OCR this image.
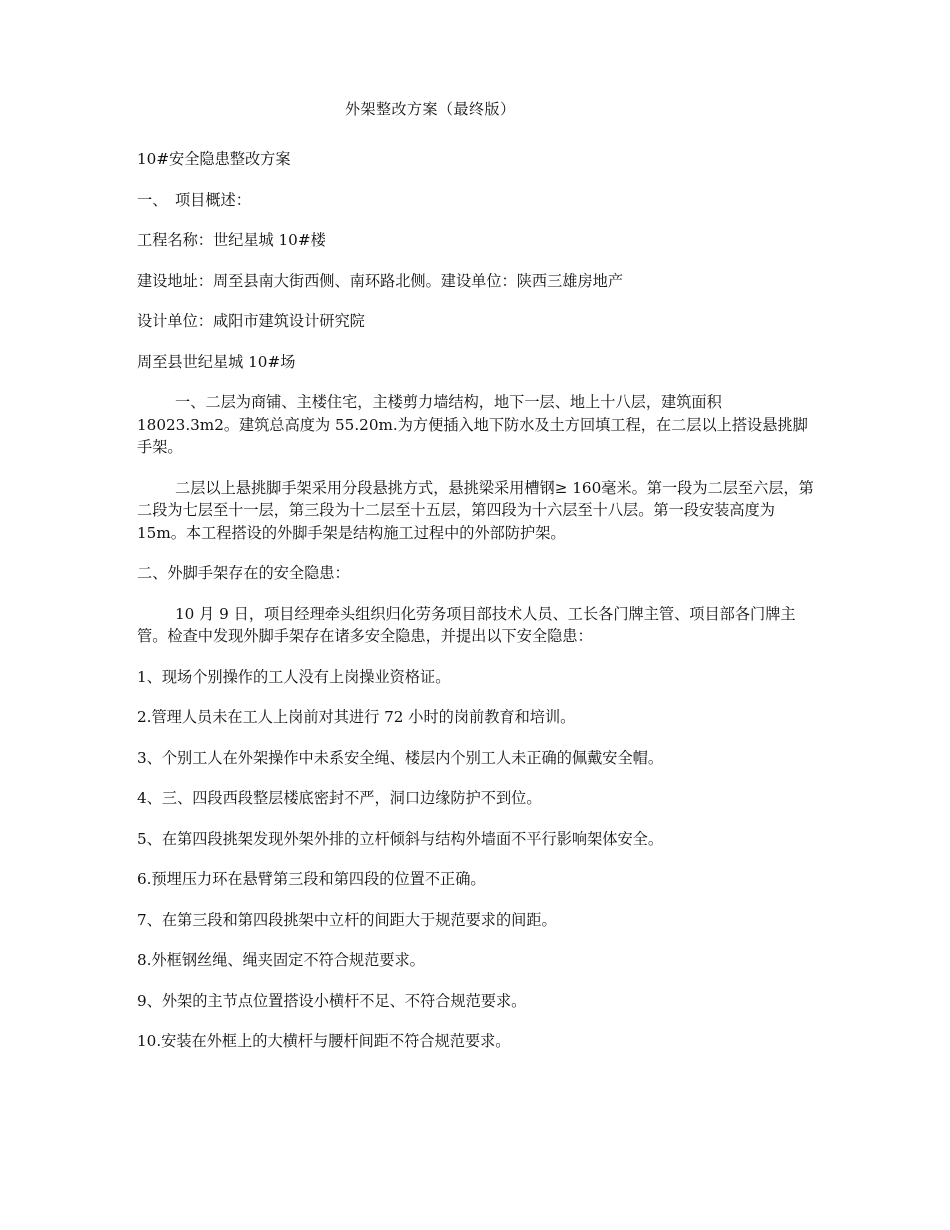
外架整改方案（最终版）

10#安全隐患整改方案

一、　项目概述：

工程名称：世纪星城 10#楼

建设地址：周至县南大街西侧、南环路北侧。建设单位：陕西三雄房地产

设计单位：咸阳市建筑设计研究院

周至县世纪星城 10#场

一、二层为商铺、主楼住宅，主楼剪力墙结构，地下一层、地上十八层，建筑面积 18023.3m2。建筑总高度为 55.20m.为方便插入地下防水及土方回填工程，在二层以上搭设悬挑脚手架。

二层以上悬挑脚手架采用分段悬挑方式，悬挑梁采用槽钢≥ 160毫米。第一段为二层至六层，第二段为七层至十一层，第三段为十二层至十五层，第四段为十六层至十八层。第一段安装高度为 15m。本工程搭设的外脚手架是结构施工过程中的外部防护架。

二、外脚手架存在的安全隐患：

10 月 9 日，项目经理牵头组织归化劳务项目部技术人员、工长各门牌主管、项目部各门牌主管。检查中发现外脚手架存在诸多安全隐患，并提出以下安全隐患：

1、现场个别操作的工人没有上岗操业资格证。

2.管理人员未在工人上岗前对其进行 72 小时的岗前教育和培训。

3、个别工人在外架操作中未系安全绳、楼层内个别工人未正确的佩戴安全帽。

4、三、四段西段整层楼底密封不严，洞口边缘防护不到位。

5、在第四段挑架发现外架外排的立杆倾斜与结构外墙面不平行影响架体安全。

6.预埋压力环在悬臂第三段和第四段的位置不正确。

7、在第三段和第四段挑架中立杆的间距大于规范要求的间距。

8.外框钢丝绳、绳夹固定不符合规范要求。

9、外架的主节点位置搭设小横杆不足、不符合规范要求。

10.安装在外框上的大横杆与腰杆间距不符合规范要求。
